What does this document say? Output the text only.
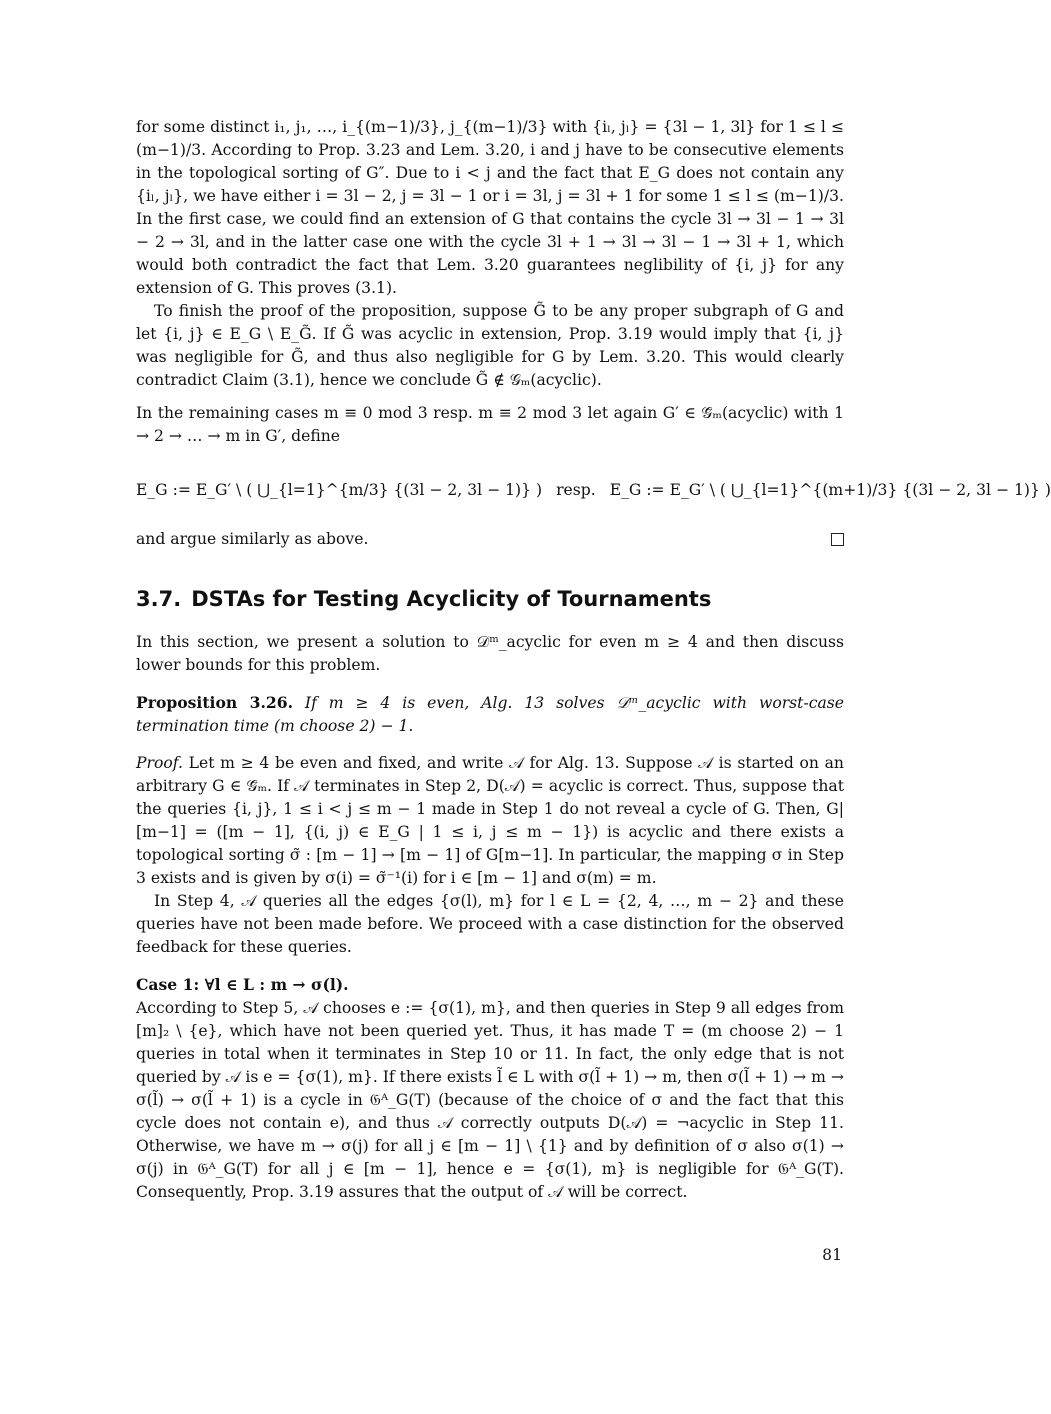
for some distinct i₁, j₁, …, i_{(m−1)/3}, j_{(m−1)/3} with {iₗ, jₗ} = {3l − 1, 3l} for 1 ≤ l ≤ (m−1)/3. According to Prop. 3.23 and Lem. 3.20, i and j have to be consecutive elements in the topological sorting of G″. Due to i < j and the fact that E_G does not contain any {iₗ, jₗ}, we have either i = 3l − 2, j = 3l − 1 or i = 3l, j = 3l + 1 for some 1 ≤ l ≤ (m−1)/3. In the first case, we could find an extension of G that contains the cycle 3l → 3l − 1 → 3l − 2 → 3l, and in the latter case one with the cycle 3l + 1 → 3l → 3l − 1 → 3l + 1, which would both contradict the fact that Lem. 3.20 guarantees neglibility of {i, j} for any extension of G. This proves (3.1).

To finish the proof of the proposition, suppose G̃ to be any proper subgraph of G and let {i, j} ∈ E_G \ E_G̃. If G̃ was acyclic in extension, Prop. 3.19 would imply that {i, j} was negligible for G̃, and thus also negligible for G by Lem. 3.20. This would clearly contradict Claim (3.1), hence we conclude G̃ ∉ 𝒢ₘ(acyclic).

In the remaining cases m ≡ 0 mod 3 resp. m ≡ 2 mod 3 let again G′ ∈ 𝒢̄ₘ(acyclic) with 1 → 2 → … → m in G′, define

E_G := E_G′ \ ( ⋃_{l=1}^{m/3} {(3l − 2, 3l − 1)} ) resp. E_G := E_G′ \ ( ⋃_{l=1}^{(m+1)/3} {(3l − 2, 3l − 1)} )

and argue similarly as above.

3.7. DSTAs for Testing Acyclicity of Tournaments

In this section, we present a solution to 𝒟ᵐ_acyclic for even m ≥ 4 and then discuss lower bounds for this problem.

Proposition 3.26. If m ≥ 4 is even, Alg. 13 solves 𝒟ᵐ_acyclic with worst-case termination time (m choose 2) − 1.

Proof. Let m ≥ 4 be even and fixed, and write 𝒜 for Alg. 13. Suppose 𝒜 is started on an arbitrary G ∈ 𝒢̄ₘ. If 𝒜 terminates in Step 2, D(𝒜) = acyclic is correct. Thus, suppose that the queries {i, j}, 1 ≤ i < j ≤ m − 1 made in Step 1 do not reveal a cycle of G. Then, G|[m−1] = ([m − 1], {(i, j) ∈ E_G | 1 ≤ i, j ≤ m − 1}) is acyclic and there exists a topological sorting σ̃ : [m − 1] → [m − 1] of G[m−1]. In particular, the mapping σ in Step 3 exists and is given by σ(i) = σ̃⁻¹(i) for i ∈ [m − 1] and σ(m) = m.

In Step 4, 𝒜 queries all the edges {σ(l), m} for l ∈ L = {2, 4, …, m − 2} and these queries have not been made before. We proceed with a case distinction for the observed feedback for these queries.

Case 1: ∀l ∈ L : m → σ(l).

According to Step 5, 𝒜 chooses e := {σ(1), m}, and then queries in Step 9 all edges from [m]₂ \ {e}, which have not been queried yet. Thus, it has made T = (m choose 2) − 1 queries in total when it terminates in Step 10 or 11. In fact, the only edge that is not queried by 𝒜 is e = {σ(1), m}. If there exists l̃ ∈ L with σ(l̃ + 1) → m, then σ(l̃ + 1) → m → σ(l̃) → σ(l̃ + 1) is a cycle in 𝔊ᴬ_G(T) (because of the choice of σ and the fact that this cycle does not contain e), and thus 𝒜 correctly outputs D(𝒜) = ¬acyclic in Step 11. Otherwise, we have m → σ(j) for all j ∈ [m − 1] \ {1} and by definition of σ also σ(1) → σ(j) in 𝔊ᴬ_G(T) for all j ∈ [m − 1], hence e = {σ(1), m} is negligible for 𝔊ᴬ_G(T). Consequently, Prop. 3.19 assures that the output of 𝒜 will be correct.

81
